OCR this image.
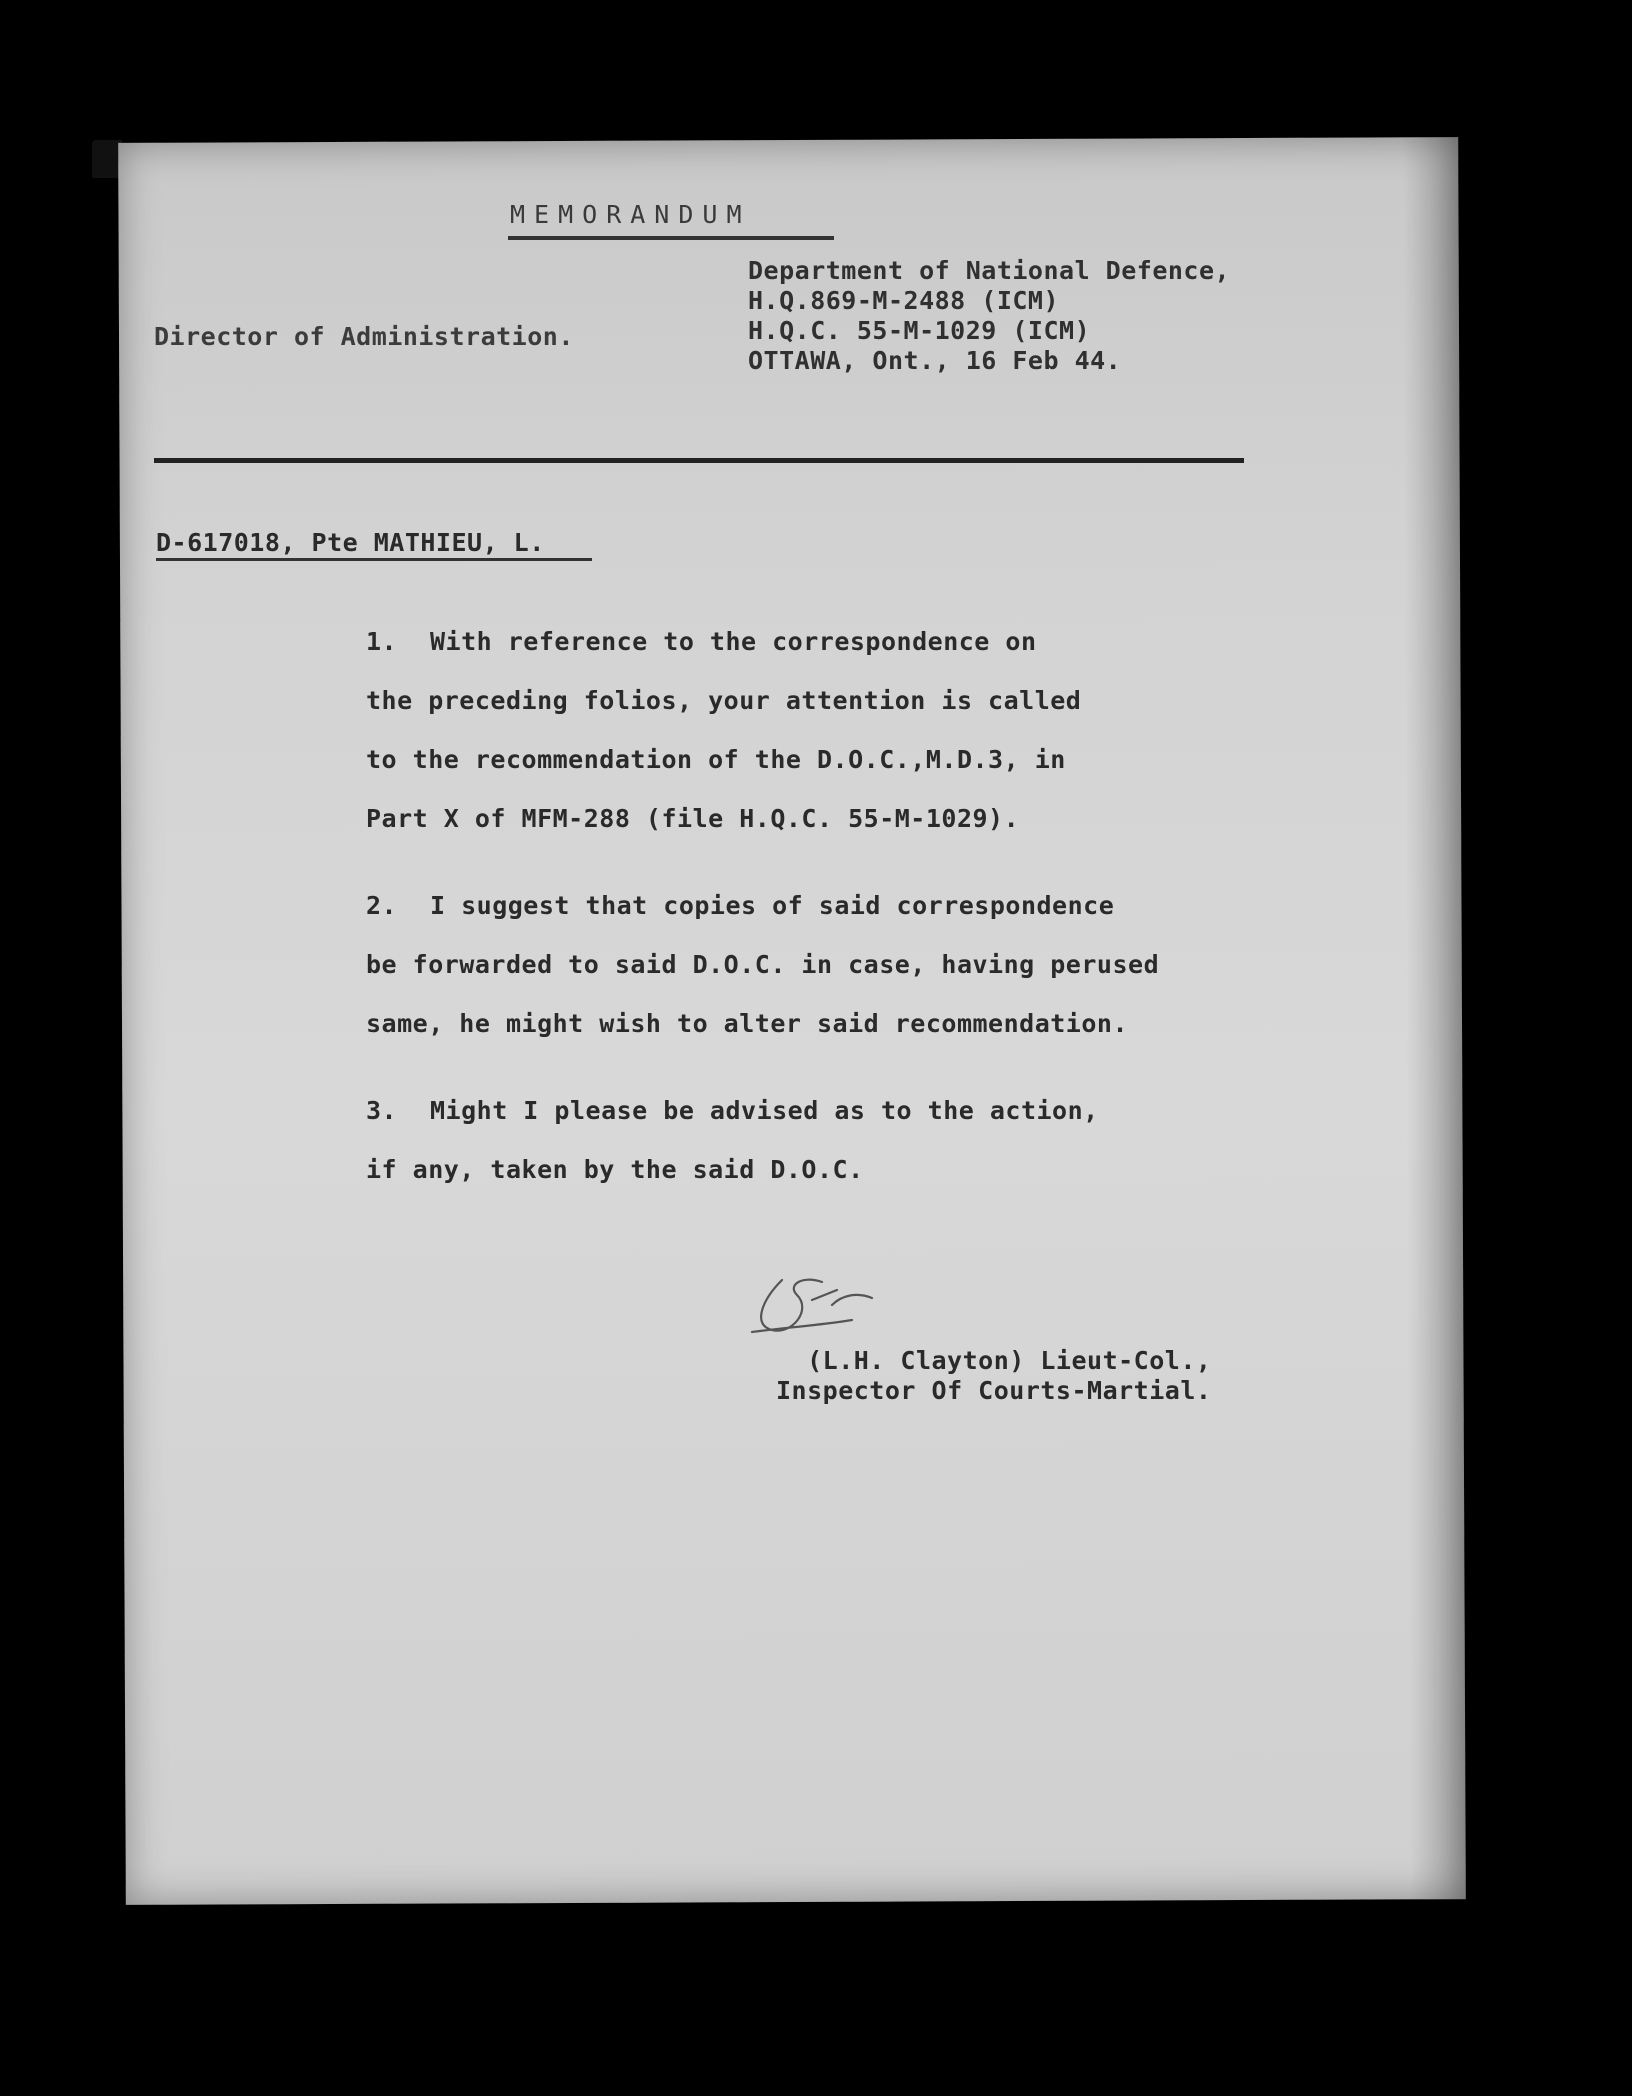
MEMORANDUM
Director of Administration.
Department of National Defence,
H.Q.869-M-2488 (ICM)
H.Q.C. 55-M-1029 (ICM)
OTTAWA, Ont., 16 Feb 44.
D-617018, Pte MATHIEU, L.
1. With reference to the correspondence on
the preceding folios, your attention is called
to the recommendation of the D.O.C.,M.D.3, in
Part X of MFM-288 (file H.Q.C. 55-M-1029).
2. I suggest that copies of said correspondence
be forwarded to said D.O.C. in case, having perused
same, he might wish to alter said recommendation.
3. Might I please be advised as to the action,
if any, taken by the said D.O.C.
(L.H. Clayton) Lieut-Col.,
Inspector Of Courts-Martial.
